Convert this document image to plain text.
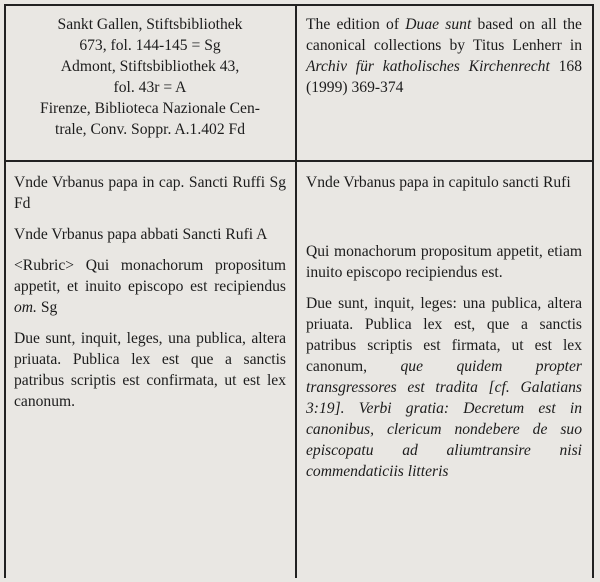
Sankt Gallen, Stiftsbibliothek

673, fol. 144-145 = Sg

Admont, Stiftsbibliothek 43,

fol. 43r = A

Firenze, Biblioteca Nazionale Cen-

trale, Conv. Soppr. A.1.402 Fd

The edition of Duae sunt based on all the canonical collections by Titus Lenherr in Archiv für katholisches Kirchenrecht 168 (1999) 369-374

Vnde Vrbanus papa in cap. Sancti Ruffi Sg Fd

Vnde Vrbanus papa abbati Sancti Rufi A

<Rubric> Qui monachorum propositum appetit, et inuito episcopo est recipiendus om. Sg

Due sunt, inquit, leges, una publica, altera priuata. Publica lex est que a sanctis patribus scriptis est confirmata, ut est lex canonum.

Vnde Vrbanus papa in capitulo sancti Rufi

Qui monachorum propositum appetit, etiam inuito episcopo recipiendus est.

Due sunt, inquit, leges: una publica, altera priuata. Publica lex est, que a sanctis patribus scriptis est firmata, ut est lex canonum, que quidem propter transgressores est tradita [cf. Galatians 3:19]. Verbi gratia: Decretum est in canonibus, clericum nondebere de suo episcopatu ad aliumtransire nisi commendaticiis litteris
